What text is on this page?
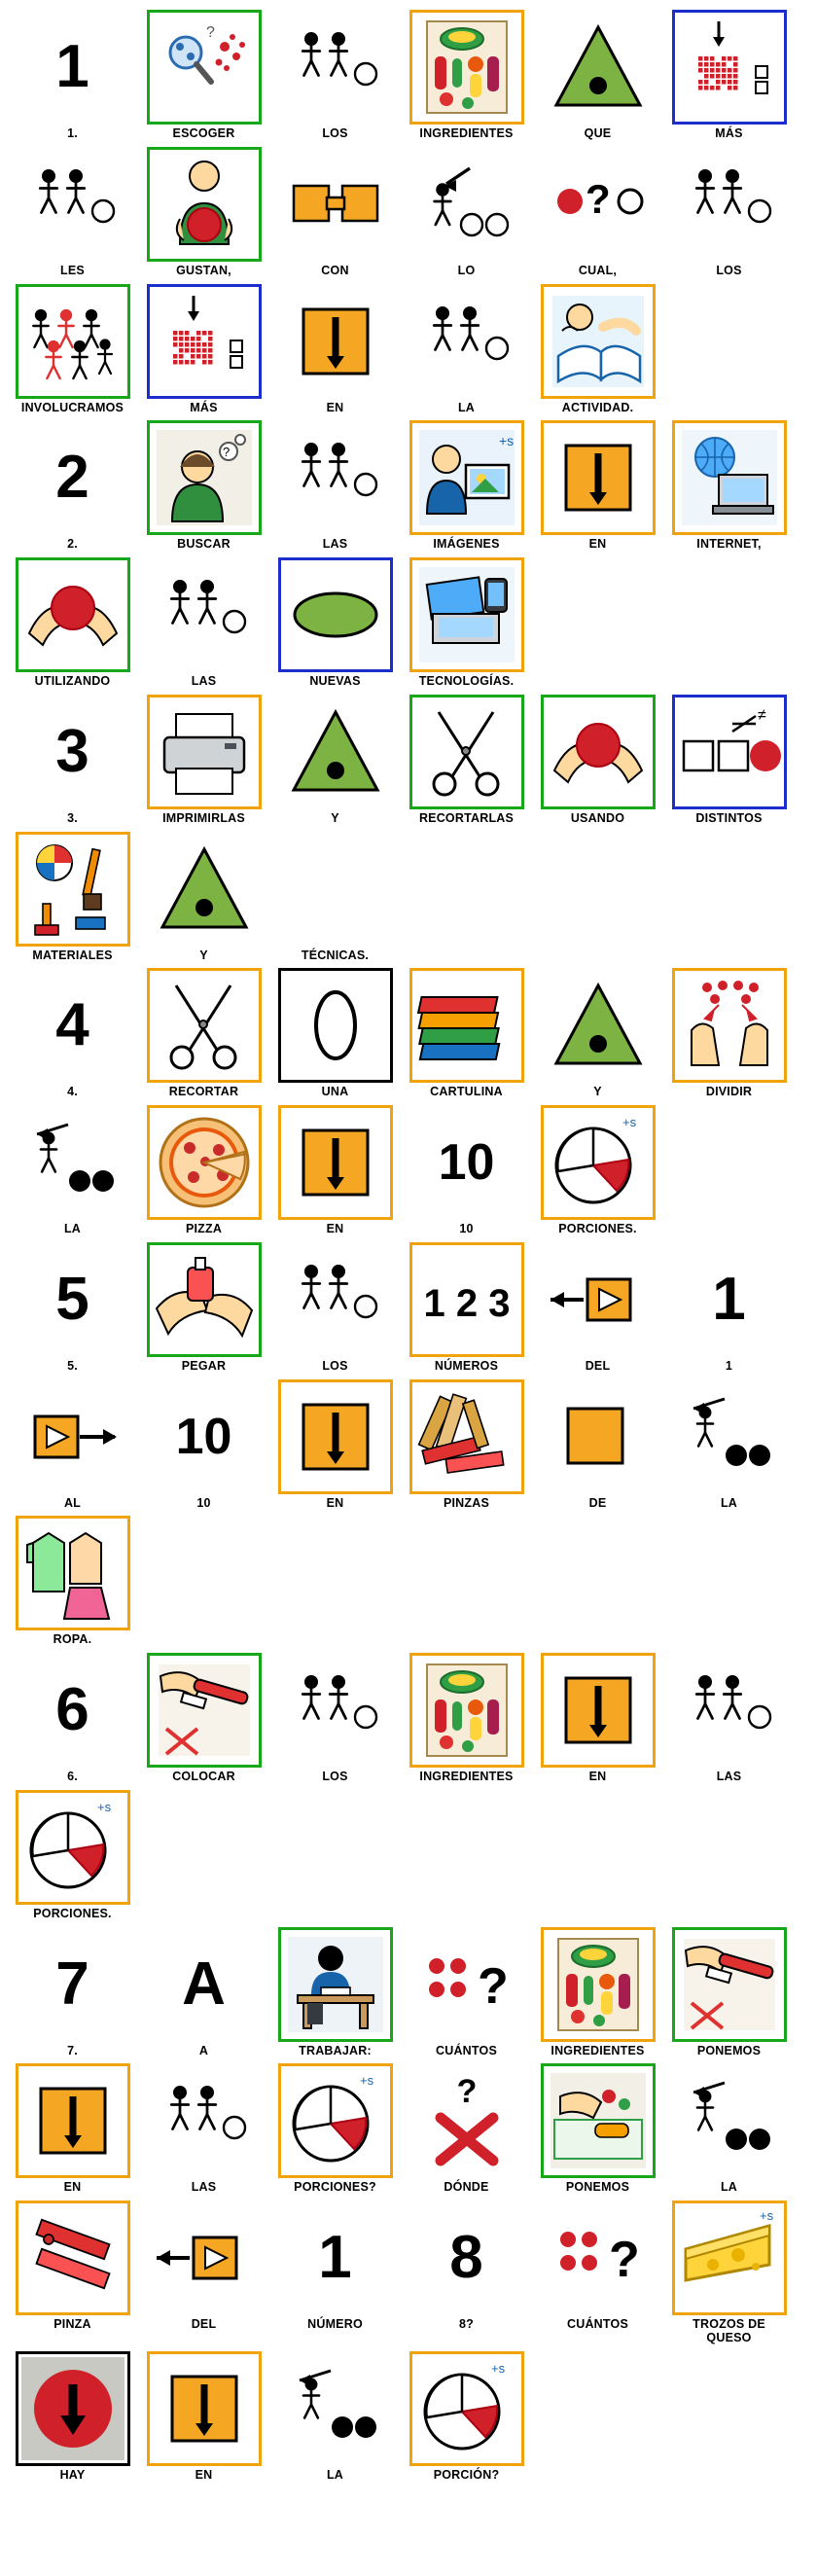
1
1.
?
ESCOGER	LOS	INGREDIENTES	QUE	MÁS
LES	GUSTAN,	CON	LO
?
CUAL,	LOS
INVOLUCRAMOS	MÁS	EN	LA	ACTIVIDAD.
2
2.
?
BUSCAR	LAS
+s
IMÁGENES	EN	INTERNET,
UTILIZANDO	LAS	NUEVAS	TECNOLOGÍAS.
3
3.	IMPRIMIRLAS	Y	RECORTARLAS	USANDO
≠
DISTINTOS
MATERIALES	Y	TÉCNICAS.
4
4.	RECORTAR	UNA	CARTULINA	Y	DIVIDIR
LA	PIZZA	EN
10
10
+s
PORCIONES.
5
5.	PEGAR	LOS
1 2 3
NÚMEROS	DEL
1
1
AL
10
10	EN	PINZAS	DE	LA
ROPA.
6
6.	COLOCAR	LOS	INGREDIENTES	EN	LAS
+s
PORCIONES.
7
7.
A
A	TRABAJAR:
?
CUÁNTOS	INGREDIENTES	PONEMOS
EN	LAS
+s
PORCIONES?
?
DÓNDE	PONEMOS	LA
PINZA	DEL
1
NÚMERO
8
8?
?
CUÁNTOS
+s
TROZOS DE QUESO
HAY	EN	LA
+s
PORCIÓN?
